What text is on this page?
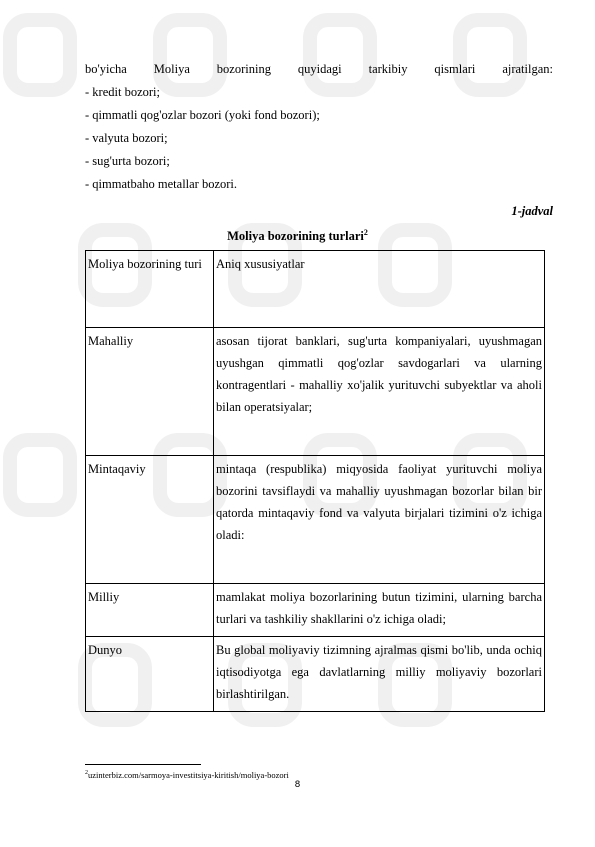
bo'yicha Moliya bozorining quyidagi tarkibiy qismlari ajratilgan:
- kredit bozori;
- qimmatli qog'ozlar bozori (yoki fond bozori);
- valyuta bozori;
- sug'urta bozori;
- qimmatbaho metallar bozori.
1-jadval
Moliya bozorining turlari$^2$
Moliya bozorining turi	Aniq xususiyatlar
Mahalliy	asosan tijorat banklari, sug'urta kompaniyalari, uyushmagan uyushgan qimmatli qog'ozlar savdogarlari va ularning kontragentlari - mahalliy xo'jalik yurituvchi subyektlar va aholi bilan operatsiyalar;
Mintaqaviy	mintaqa (respublika) miqyosida faoliyat yurituvchi moliya bozorini tavsiflaydi va mahalliy uyushmagan bozorlar bilan bir qatorda mintaqaviy fond va valyuta birjalari tizimini o'z ichiga oladi:
Milliy	mamlakat moliya bozorlarining butun tizimini, ularning barcha turlari va tashkiliy shakllarini o'z ichiga oladi;
Dunyo	Bu global moliyaviy tizimning ajralmas qismi bo'lib, unda ochiq iqtisodiyotga ega davlatlarning milliy moliyaviy bozorlari birlashtirilgan.
$^2$uzinterbiz.com/sarmoya-investitsiya-kiritish/moliya-bozori
8
